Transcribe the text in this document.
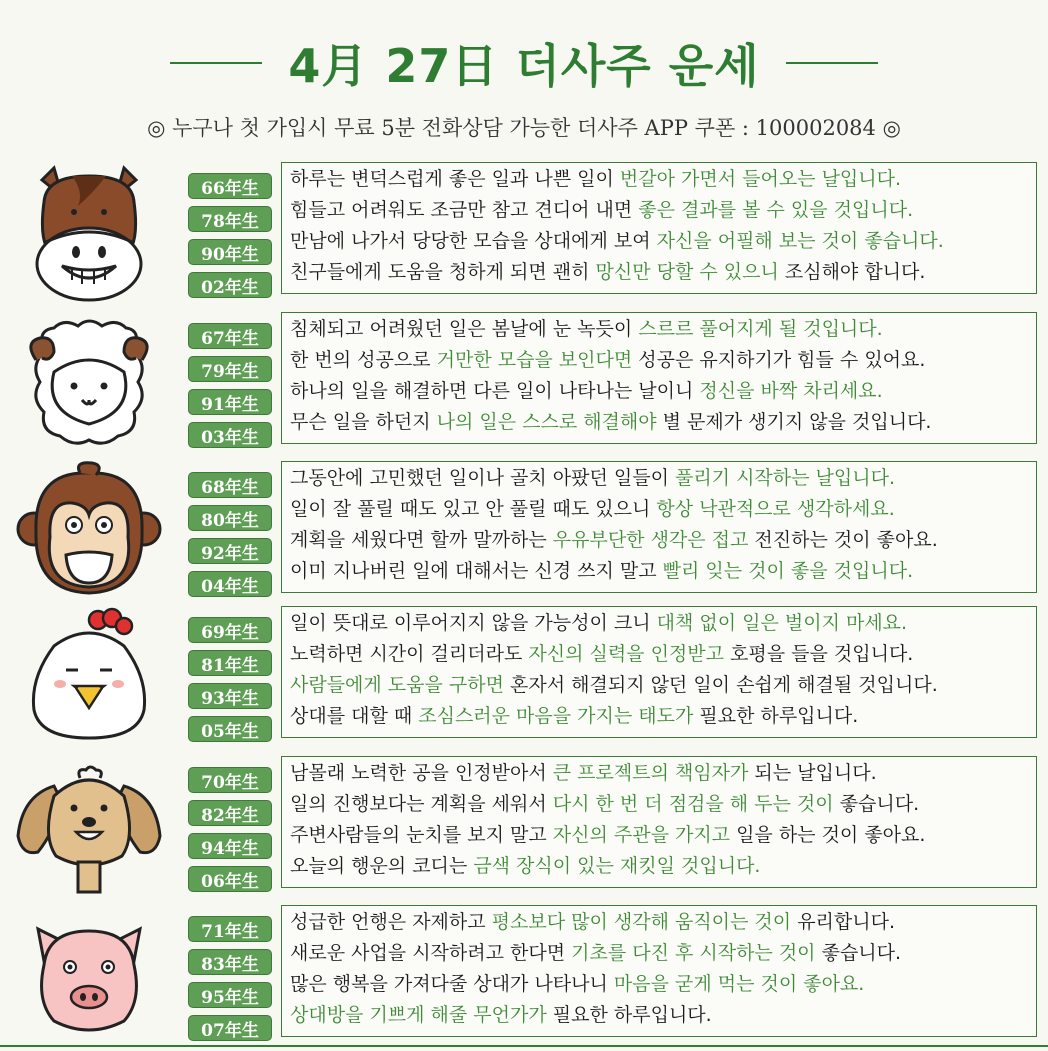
4月 27日 더사주 운세
◎ 누구나 첫 가입시 무료 5분 전화상담 가능한 더사주 APP 쿠폰 : 100002084 ◎
66年生
78年生
90年生
02年生
하루는 변덕스럽게 좋은 일과 나쁜 일이 번갈아 가면서 들어오는 날입니다.
힘들고 어려워도 조금만 참고 견디어 내면 좋은 결과를 볼 수 있을 것입니다.
만남에 나가서 당당한 모습을 상대에게 보여 자신을 어필해 보는 것이 좋습니다.
친구들에게 도움을 청하게 되면 괜히 망신만 당할 수 있으니 조심해야 합니다.
67年生
79年生
91年生
03年生
침체되고 어려웠던 일은 봄날에 눈 녹듯이 스르르 풀어지게 될 것입니다.
한 번의 성공으로 거만한 모습을 보인다면 성공은 유지하기가 힘들 수 있어요.
하나의 일을 해결하면 다른 일이 나타나는 날이니 정신을 바짝 차리세요.
무슨 일을 하던지 나의 일은 스스로 해결해야 별 문제가 생기지 않을 것입니다.
68年生
80年生
92年生
04年生
그동안에 고민했던 일이나 골치 아팠던 일들이 풀리기 시작하는 날입니다.
일이 잘 풀릴 때도 있고 안 풀릴 때도 있으니 항상 낙관적으로 생각하세요.
계획을 세웠다면 할까 말까하는 우유부단한 생각은 접고 전진하는 것이 좋아요.
이미 지나버린 일에 대해서는 신경 쓰지 말고 빨리 잊는 것이 좋을 것입니다.
69年生
81年生
93年生
05年生
일이 뜻대로 이루어지지 않을 가능성이 크니 대책 없이 일은 벌이지 마세요.
노력하면 시간이 걸리더라도 자신의 실력을 인정받고 호평을 들을 것입니다.
사람들에게 도움을 구하면 혼자서 해결되지 않던 일이 손쉽게 해결될 것입니다.
상대를 대할 때 조심스러운 마음을 가지는 태도가 필요한 하루입니다.
70年生
82年生
94年生
06年生
남몰래 노력한 공을 인정받아서 큰 프로젝트의 책임자가 되는 날입니다.
일의 진행보다는 계획을 세워서 다시 한 번 더 점검을 해 두는 것이 좋습니다.
주변사람들의 눈치를 보지 말고 자신의 주관을 가지고 일을 하는 것이 좋아요.
오늘의 행운의 코디는 금색 장식이 있는 재킷일 것입니다.
71年生
83年生
95年生
07年生
성급한 언행은 자제하고 평소보다 많이 생각해 움직이는 것이 유리합니다.
새로운 사업을 시작하려고 한다면 기초를 다진 후 시작하는 것이 좋습니다.
많은 행복을 가져다줄 상대가 나타나니 마음을 굳게 먹는 것이 좋아요.
상대방을 기쁘게 해줄 무언가가 필요한 하루입니다.
